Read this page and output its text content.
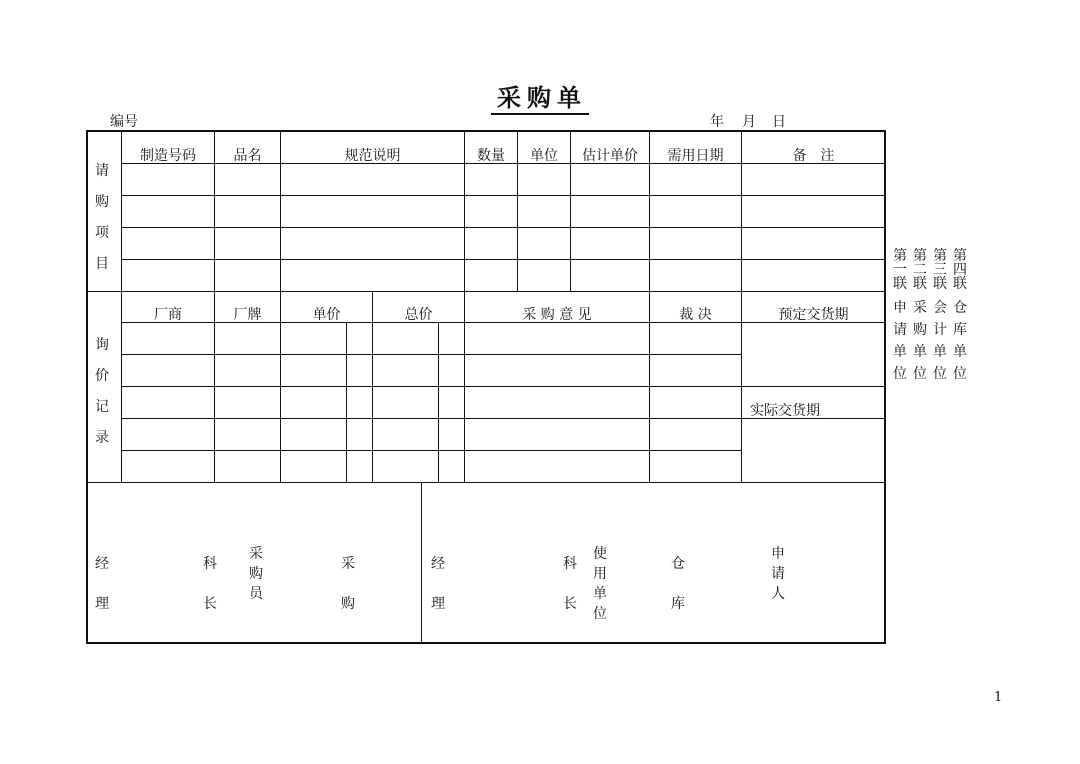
采购单
编号	年 月 日
请购项目
制造号码	品名	规范说明	数量	单位	估计单价	需用日期	备　注
询价记录
厂商	厂牌	单价	总价	采 购 意 见	裁 决	预定交货期
实际交货期
第一联
申请单位
第二联
采购单位
第三联
会计单位
第四联
仓库单位
经理
科长
采购员
采购
经理
科长
使用单位
仓库
申请人
1
